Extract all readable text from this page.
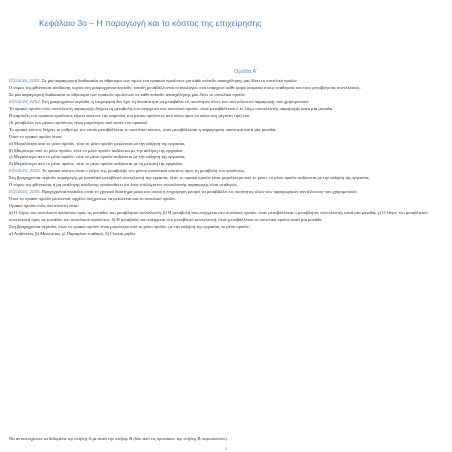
Κεφάλαιο 3ο – Η παραγωγή και το κόστος της επιχείρησης
Ομάδα Α΄

Εξετάσεις 2001. Σε μία παραγωγική διαδικασία το άθροισμα των τιμών του οριακού προϊόντος για κάθε επίπεδο απασχόλησης μας δίνει το συνολικό προϊόν.

Ο νόμος της φθίνουσας απόδοσης ισχύει στη μακροχρόνια περίοδο, επειδή μεταβάλλονται οι αναλογίες που υπάρχουν κάθε φορά ανάμεσα στους σταθερούς και τους μεταβλητούς συντελεστές.

Σε μία παραγωγική διαδικασία το άθροισμα των οριακών προϊόντων σε κάθε επίπεδο απασχόλησης μας δίνει το συνολικό προϊόν.

Εξετάσεις 2003. Στη μακροχρόνια περίοδο, η επιχείρηση δεν έχει τη δυνατότητα να μεταβάλει τις ποσότητες όλων των συντελεστών παραγωγής που χρησιμοποιεί.

Το οριακό προϊόν ενός συντελεστή παραγωγής δείχνει τη μεταβολή που επέρχεται στο συνολικό προϊόν, όταν μεταβάλλεται ο εν λόγω συντελεστής παραγωγής κατά μία μονάδα.

Η καμπύλη του οριακού προϊόντος τέμνει πάντοτε την καμπύλη του μέσου προϊόντος από πάνω προς τα κάτω στη μέγιστη τιμή του.

Οι μεταβολές του μέσου προϊόντος είναι μικρότερες από αυτές του οριακού.

Το οριακό κόστος δείχνει το ρυθμό με τον οποίο μεταβάλλεται το συνολικό κόστος, όταν μεταβάλλεται η παραγόμενη ποσότητα κατά μία μονάδα.

Όταν το οριακό προϊόν είναι:

α) Μεγαλύτερο από το μέσο προϊόν, τότε το μέσο προϊόν μειώνεται με την αύξηση της εργασίας

β) Μικρότερο από το μέσο προϊόν, τότε το μέσο προϊόν αυξάνεται με την αύξηση της εργασίας

γ) Μεγαλύτερο από το μέσο προϊόν, τότε το μέσο προϊόν αυξάνεται με την αύξηση της εργασίας

δ) Μεγαλύτερο από το μέσο προϊόν, τότε το μέσο προϊόν αυξάνεται με τη μείωση της εργασίας

Εξετάσεις 2004. Το οριακό κόστος είναι ο λόγος της μεταβολής του μέσου συνολικού κόστους προς τη μεταβολή του προϊόντος.

Στη βραχυχρόνια περίοδο παραγωγής με μοναδικό μεταβλητό συντελεστή την εργασία, όταν το οριακό προϊόν είναι μεγαλύτερο από το μέσο, το μέσο προϊόν αυξάνεται με την αύξηση της εργασίας.

Ο νόμος της φθίνουσας ή μη ανάλογης απόδοσης προϋποθέτει ότι ένας τουλάχιστον συντελεστής παραγωγής είναι σταθερός.

Εξετάσεις 2005. Βραχυχρόνια περίοδος είναι το χρονικό διάστημα μέσα στο οποίο η επιχείρηση μπορεί να μεταβάλλει τις ποσότητες όλων των παραγωγικών συντελεστών που χρησιμοποιεί.

Όταν το οριακό προϊόν μειώνεται, αρχίζει συγχρόνως να μειώνεται και το συνολικό προϊόν.

Οριακό προϊόν ενός συντελεστή είναι:

α) Ο λόγος του συνολικού προϊόντος προς τις μονάδες του μεταβλητού συντελεστή, β) Η μεταβολή που επέρχεται στο συνολικό προϊόν, όταν μεταβάλλεται ο μεταβλητός συντελεστής κατά μία μονάδα, γ) Ο λόγος του μεταβλητού συντελεστή προς τις μονάδες του συνολικού προϊόντος, δ) Η μεταβολή που επέρχεται στο μεταβλητό συντελεστή, όταν μεταβάλλεται το συνολικό προϊόν κατά μία μονάδα

Στη βραχυχρόνια περίοδο, όταν το οριακό προϊόν είναι μικρότερο από το μέσο προϊόν, με την αύξηση της εργασίας το μέσο προϊόν:

α) Αυξάνεται, β) Μειώνεται, γ) Παραμένει σταθερό, δ) Γίνεται μηδέν

Να αντιστοιχίσετε τα δεδομένα της στήλης Α με αυτά της στήλης Β (δύο από τις προτάσεις της στήλης Β περισσεύουν).
1
